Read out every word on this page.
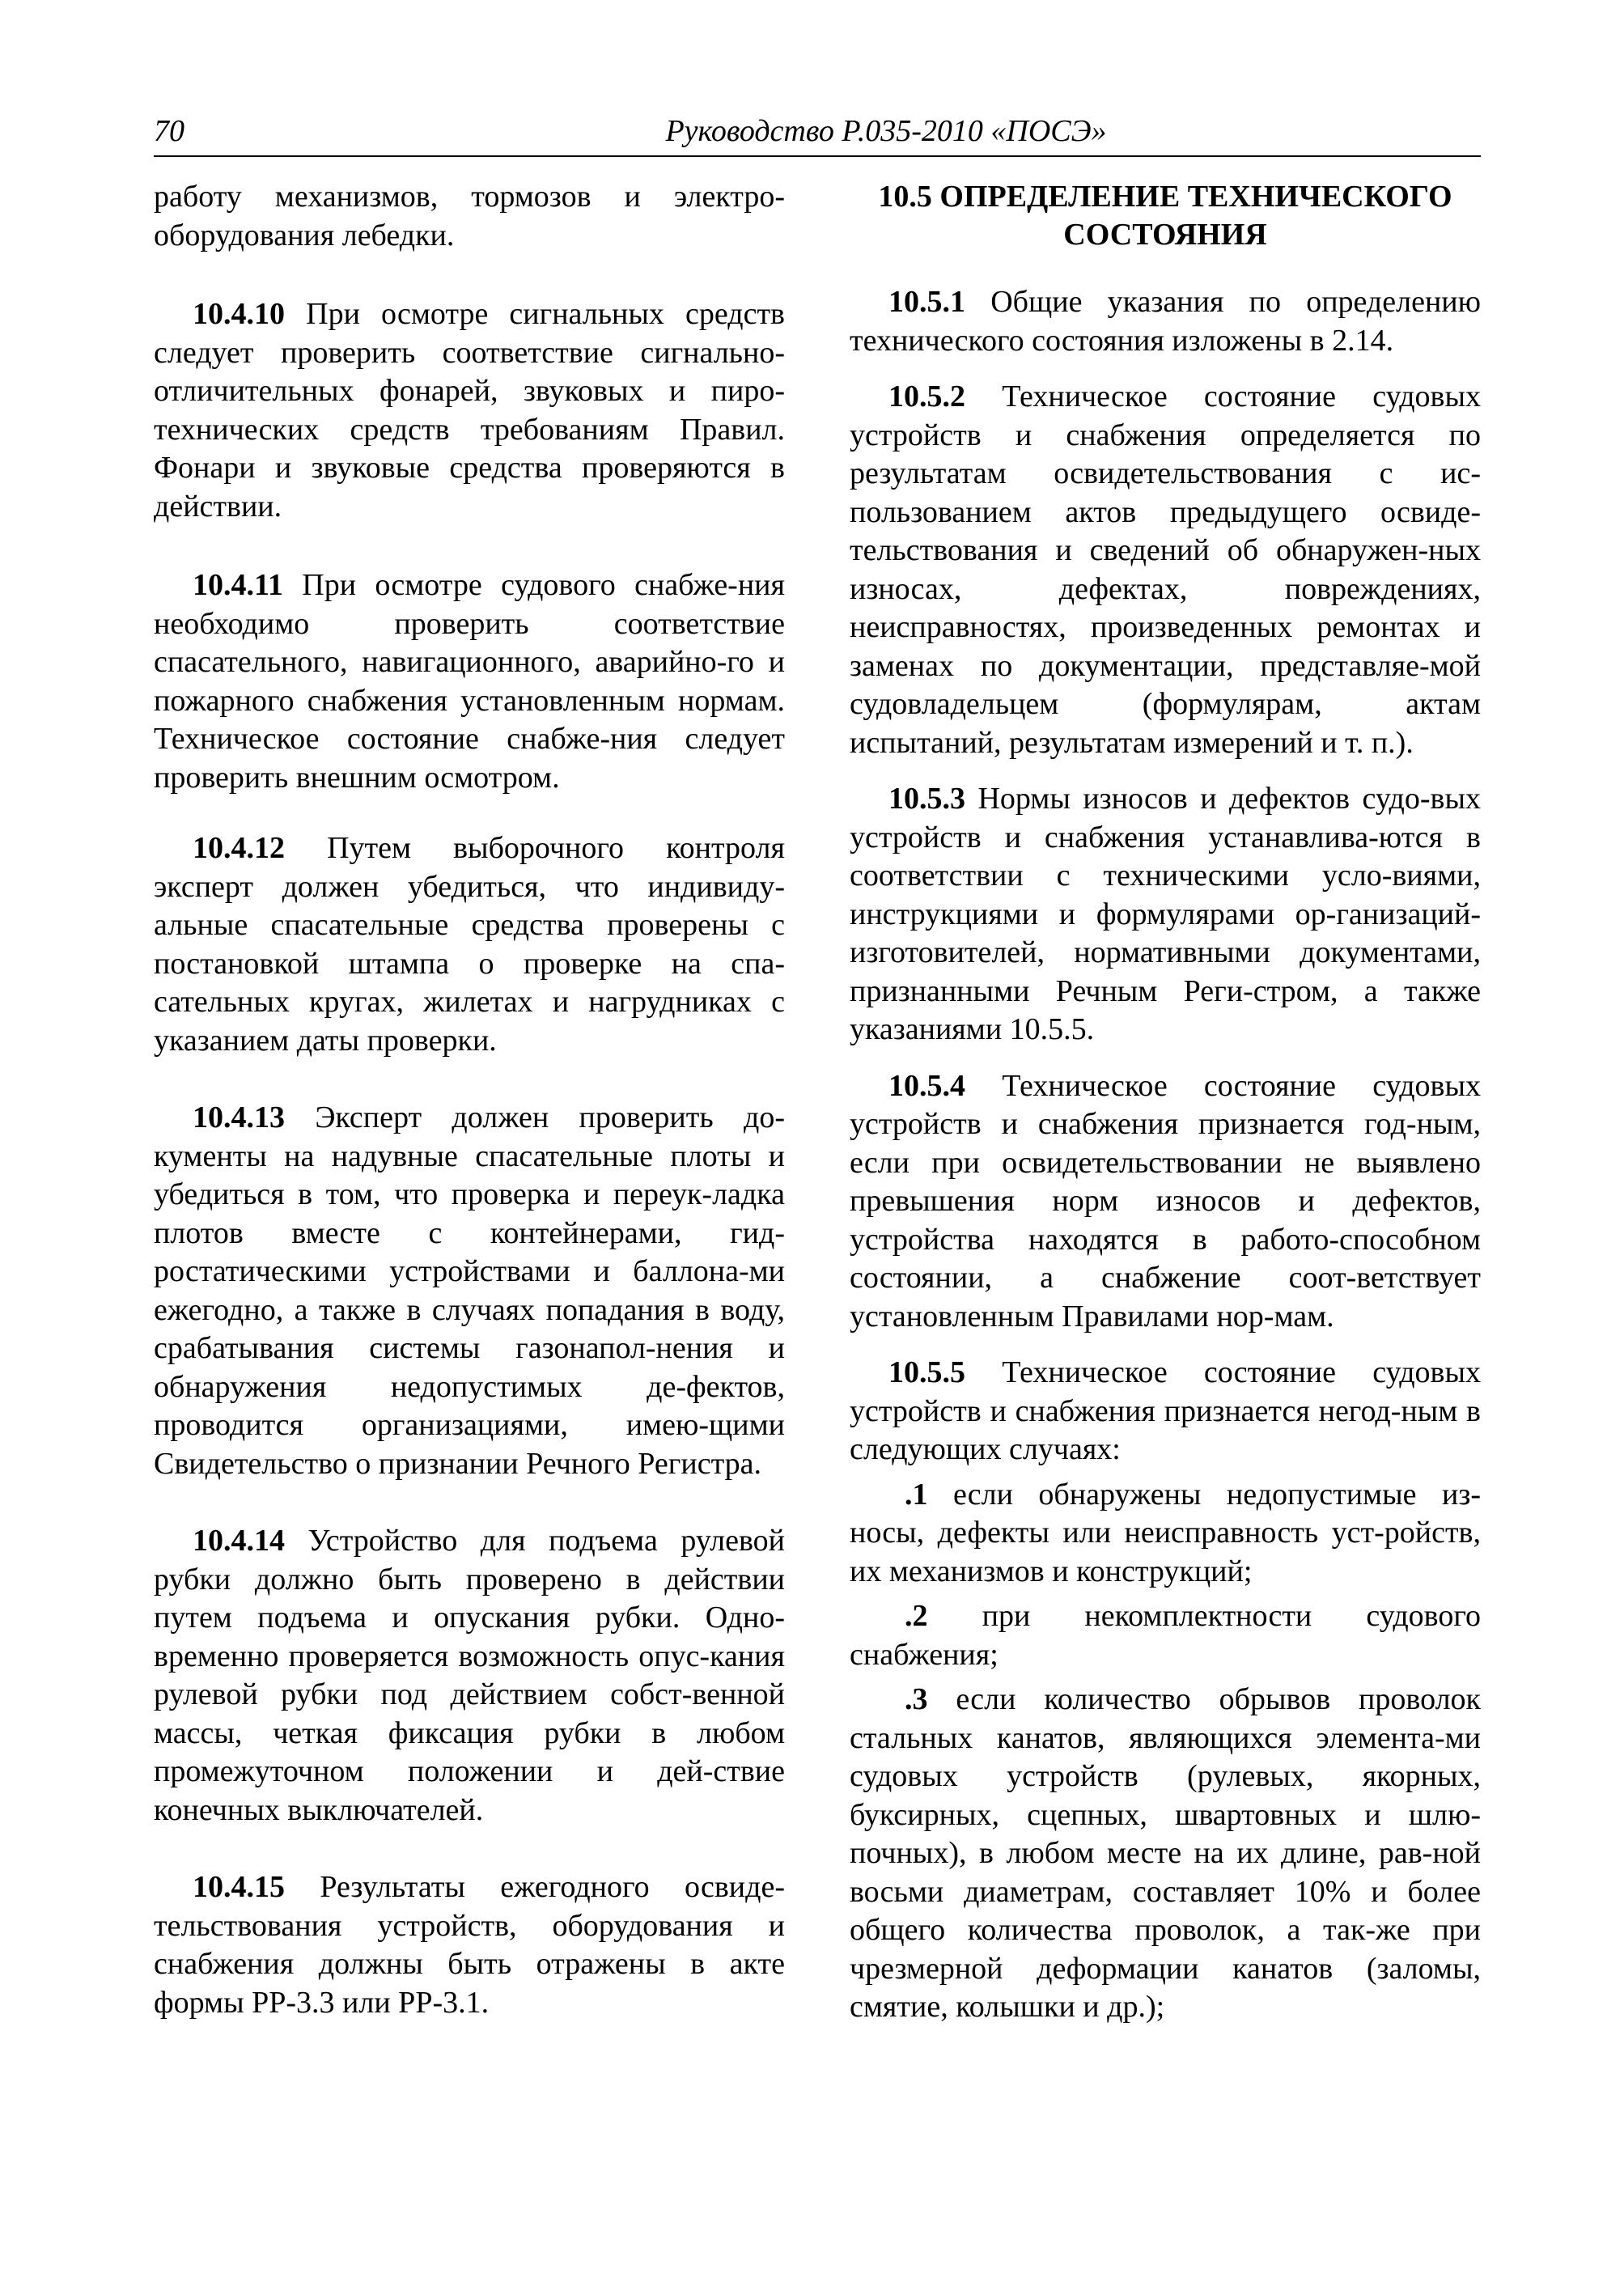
70	Руководство Р.035-2010 «ПОСЭ»

работу механизмов, тормозов и электро-оборудования лебедки.

10.4.10 При осмотре сигнальных средств следует проверить соответствие сигнально-отличительных фонарей, звуковых и пиро-технических средств требованиям Правил. Фонари и звуковые средства проверяются в действии.

10.4.11 При осмотре судового снабже-ния необходимо проверить соответствие спасательного, навигационного, аварийно-го и пожарного снабжения установленным нормам. Техническое состояние снабже-ния следует проверить внешним осмотром.

10.4.12 Путем выборочного контроля эксперт должен убедиться, что индивиду-альные спасательные средства проверены с постановкой штампа о проверке на спа-сательных кругах, жилетах и нагрудниках с указанием даты проверки.

10.4.13 Эксперт должен проверить до-кументы на надувные спасательные плоты и убедиться в том, что проверка и переук-ладка плотов вместе с контейнерами, гид-ростатическими устройствами и баллона-ми ежегодно, а также в случаях попадания в воду, срабатывания системы газонапол-нения и обнаружения недопустимых де-фектов, проводится организациями, имею-щими Свидетельство о признании Речного Регистра.

10.4.14 Устройство для подъема рулевой рубки должно быть проверено в действии путем подъема и опускания рубки. Одно-временно проверяется возможность опус-кания рулевой рубки под действием собст-венной массы, четкая фиксация рубки в любом промежуточном положении и дей-ствие конечных выключателей.

10.4.15 Результаты ежегодного освиде-тельствования устройств, оборудования и снабжения должны быть отражены в акте формы РР-3.3 или РР-3.1.

10.5 ОПРЕДЕЛЕНИЕ ТЕХНИЧЕСКОГО СОСТОЯНИЯ

10.5.1 Общие указания по определению технического состояния изложены в 2.14.

10.5.2 Техническое состояние судовых устройств и снабжения определяется по результатам освидетельствования с ис-пользованием актов предыдущего освиде-тельствования и сведений об обнаружен-ных износах, дефектах, повреждениях, неисправностях, произведенных ремонтах и заменах по документации, представляе-мой судовладельцем (формулярам, актам испытаний, результатам измерений и т. п.).

10.5.3 Нормы износов и дефектов судо-вых устройств и снабжения устанавлива-ются в соответствии с техническими усло-виями, инструкциями и формулярами ор-ганизаций-изготовителей, нормативными документами, признанными Речным Реги-стром, а также указаниями 10.5.5.

10.5.4 Техническое состояние судовых устройств и снабжения признается год-ным, если при освидетельствовании не выявлено превышения норм износов и дефектов, устройства находятся в работо-способном состоянии, а снабжение соот-ветствует установленным Правилами нор-мам.

10.5.5 Техническое состояние судовых устройств и снабжения признается негод-ным в следующих случаях:

.1 если обнаружены недопустимые из-носы, дефекты или неисправность уст-ройств, их механизмов и конструкций;

.2 при некомплектности судового снабжения;

.3 если количество обрывов проволок стальных канатов, являющихся элемента-ми судовых устройств (рулевых, якорных, буксирных, сцепных, швартовных и шлю-почных), в любом месте на их длине, рав-ной восьми диаметрам, составляет 10% и более общего количества проволок, а так-же при чрезмерной деформации канатов (заломы, смятие, колышки и др.);
